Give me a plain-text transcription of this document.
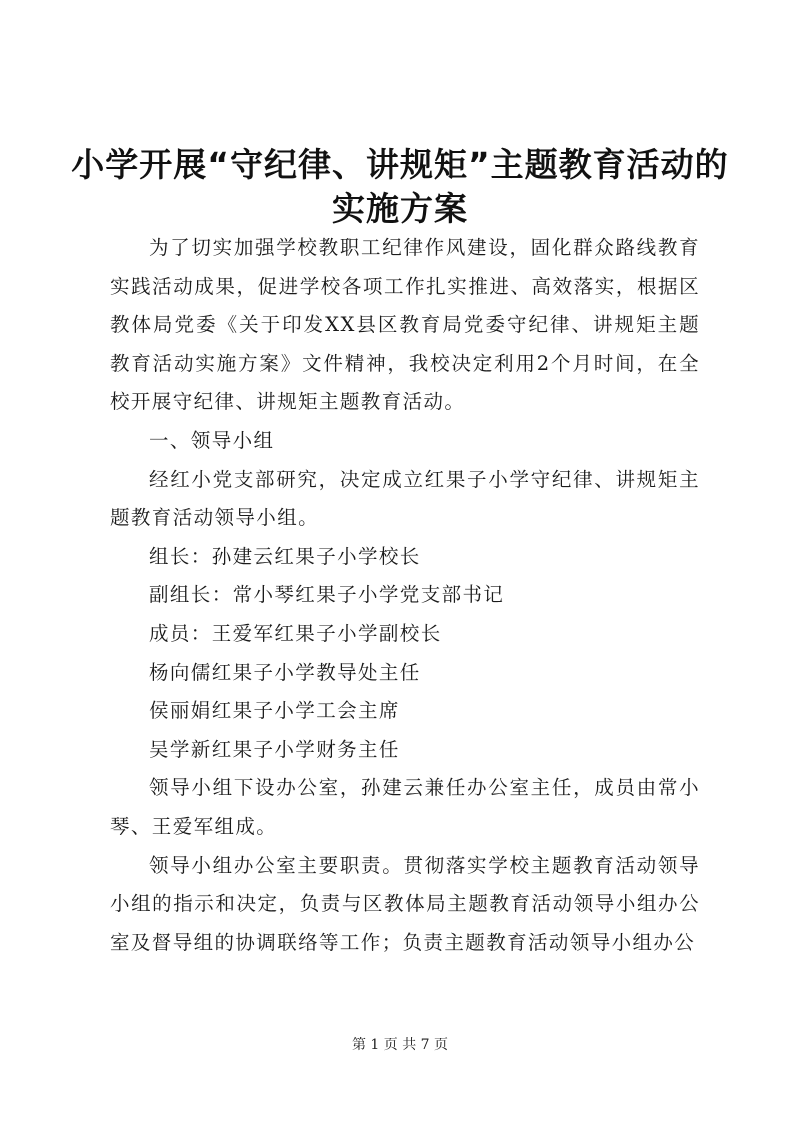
小学开展“守纪律、讲规矩”主题教育活动的
实施方案

为了切实加强学校教职工纪律作风建设，固化群众路线教育实践活动成果，促进学校各项工作扎实推进、高效落实，根据区教体局党委《关于印发XX县区教育局党委守纪律、讲规矩主题教育活动实施方案》文件精神，我校决定利用2个月时间，在全校开展守纪律、讲规矩主题教育活动。

一、领导小组

经红小党支部研究，决定成立红果子小学守纪律、讲规矩主题教育活动领导小组。

组长：孙建云红果子小学校长

副组长：常小琴红果子小学党支部书记

成员：王爱军红果子小学副校长

杨向儒红果子小学教导处主任

侯丽娟红果子小学工会主席

吴学新红果子小学财务主任

领导小组下设办公室，孙建云兼任办公室主任，成员由常小琴、王爱军组成。

领导小组办公室主要职责。贯彻落实学校主题教育活动领导小组的指示和决定，负责与区教体局主题教育活动领导小组办公室及督导组的协调联络等工作；负责主题教育活动领导小组办公

第 1 页 共 7 页
